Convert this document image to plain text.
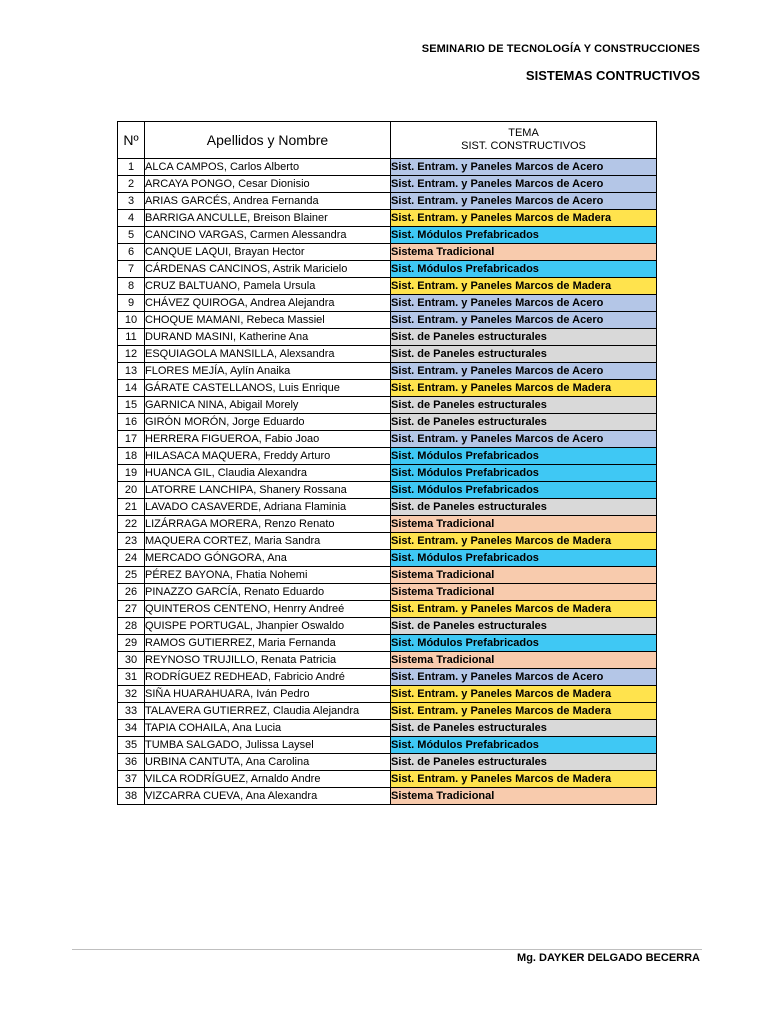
SEMINARIO DE TECNOLOGÍA Y CONSTRUCCIONES
SISTEMAS CONTRUCTIVOS
Nº	Apellidos y Nombre	TEMA
SIST. CONSTRUCTIVOS
1	ALCA CAMPOS, Carlos Alberto	Sist. Entram. y Paneles Marcos de Acero
2	ARCAYA PONGO, Cesar Dionisio	Sist. Entram. y Paneles Marcos de Acero
3	ARIAS GARCÉS, Andrea Fernanda	Sist. Entram. y Paneles Marcos de Acero
4	BARRIGA ANCULLE, Breison Blainer	Sist. Entram. y Paneles Marcos de Madera
5	CANCINO VARGAS, Carmen Alessandra	Sist. Módulos Prefabricados
6	CANQUE LAQUI, Brayan Hector	Sistema Tradicional
7	CÁRDENAS CANCINOS, Astrik Maricielo	Sist. Módulos Prefabricados
8	CRUZ BALTUANO, Pamela Ursula	Sist. Entram. y Paneles Marcos de Madera
9	CHÁVEZ QUIROGA, Andrea Alejandra	Sist. Entram. y Paneles Marcos de Acero
10	CHOQUE MAMANI, Rebeca Massiel	Sist. Entram. y Paneles Marcos de Acero
11	DURAND MASINI, Katherine Ana	Sist. de Paneles estructurales
12	ESQUIAGOLA MANSILLA, Alexsandra	Sist. de Paneles estructurales
13	FLORES MEJÍA, Aylín Anaika	Sist. Entram. y Paneles Marcos de Acero
14	GÁRATE CASTELLANOS, Luis Enrique	Sist. Entram. y Paneles Marcos de Madera
15	GARNICA NINA, Abigail Morely	Sist. de Paneles estructurales
16	GIRÓN MORÓN, Jorge Eduardo	Sist. de Paneles estructurales
17	HERRERA FIGUEROA, Fabio Joao	Sist. Entram. y Paneles Marcos de Acero
18	HILASACA MAQUERA, Freddy Arturo	Sist. Módulos Prefabricados
19	HUANCA GIL, Claudia Alexandra	Sist. Módulos Prefabricados
20	LATORRE LANCHIPA, Shanery Rossana	Sist. Módulos Prefabricados
21	LAVADO CASAVERDE, Adriana Flaminia	Sist. de Paneles estructurales
22	LIZÁRRAGA MORERA, Renzo Renato	Sistema Tradicional
23	MAQUERA CORTEZ, Maria Sandra	Sist. Entram. y Paneles Marcos de Madera
24	MERCADO GÓNGORA, Ana	Sist. Módulos Prefabricados
25	PÉREZ BAYONA, Fhatia Nohemi	Sistema Tradicional
26	PINAZZO GARCÍA, Renato Eduardo	Sistema Tradicional
27	QUINTEROS CENTENO, Henrry Andreé	Sist. Entram. y Paneles Marcos de Madera
28	QUISPE PORTUGAL, Jhanpier Oswaldo	Sist. de Paneles estructurales
29	RAMOS GUTIERREZ, Maria Fernanda	Sist. Módulos Prefabricados
30	REYNOSO TRUJILLO, Renata Patricia	Sistema Tradicional
31	RODRÍGUEZ REDHEAD, Fabricio André	Sist. Entram. y Paneles Marcos de Acero
32	SIÑA HUARAHUARA, Iván Pedro	Sist. Entram. y Paneles Marcos de Madera
33	TALAVERA GUTIERREZ, Claudia Alejandra	Sist. Entram. y Paneles Marcos de Madera
34	TAPIA COHAILA, Ana Lucia	Sist. de Paneles estructurales
35	TUMBA SALGADO, Julissa Laysel	Sist. Módulos Prefabricados
36	URBINA CANTUTA, Ana Carolina	Sist. de Paneles estructurales
37	VILCA RODRÍGUEZ, Arnaldo Andre	Sist. Entram. y Paneles Marcos de Madera
38	VIZCARRA CUEVA, Ana Alexandra	Sistema Tradicional
Mg. DAYKER DELGADO BECERRA
